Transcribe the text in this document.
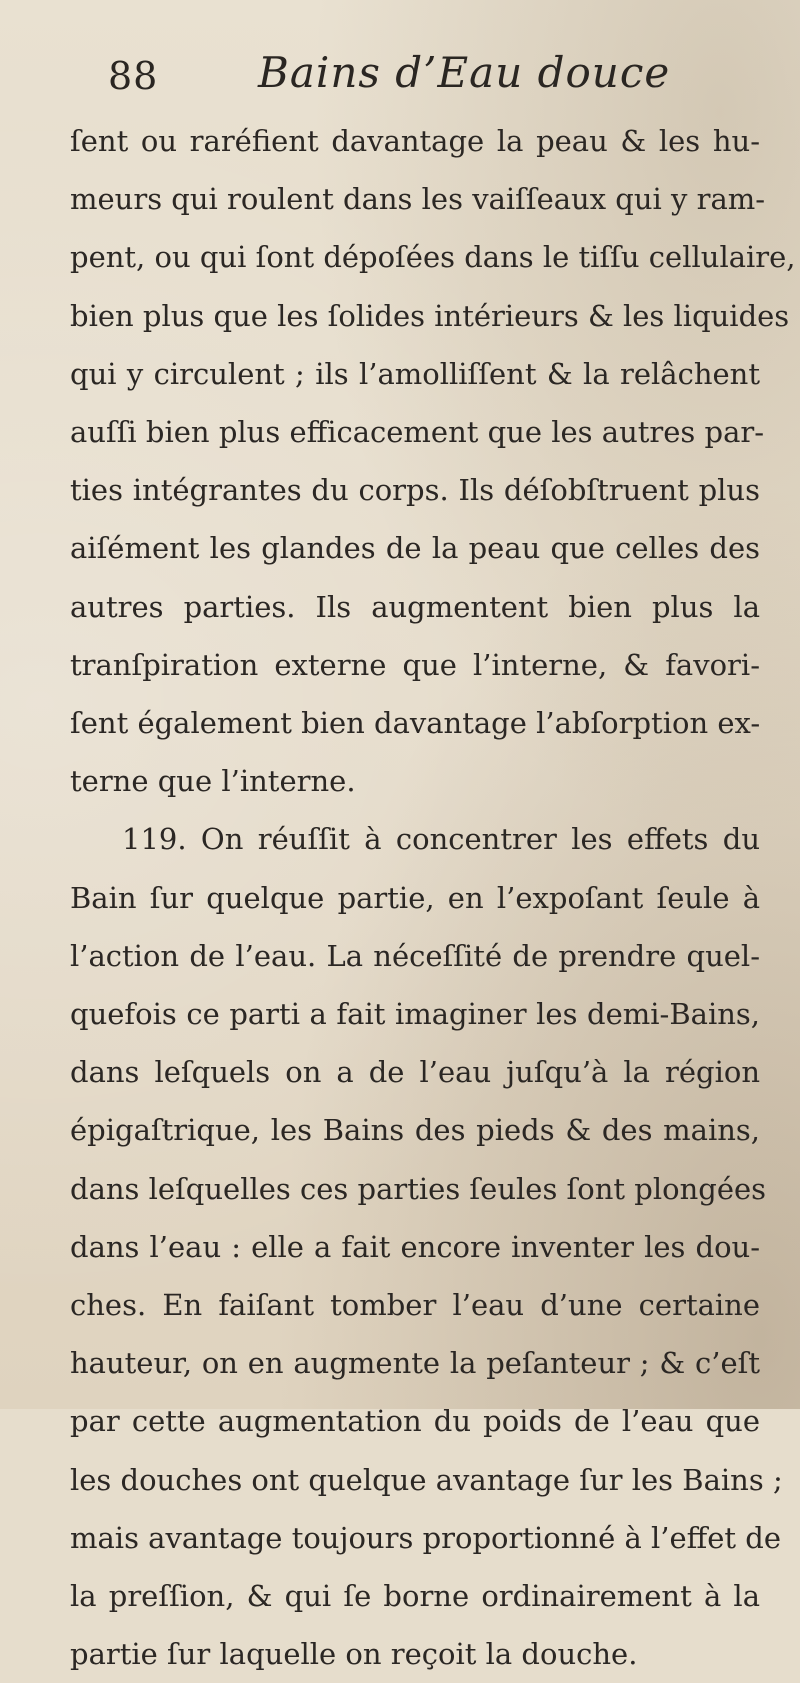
88 Bains d’Eau douce
ſent ou raréfient davantage la peau & les hu-
meurs qui roulent dans les vaiſſeaux qui y ram-
pent, ou qui ſont dépoſées dans le tiſſu cellulaire,
bien plus que les ſolides intérieurs & les liquides
qui y circulent ; ils l’amolliſſent & la relâchent
auſſi bien plus efficacement que les autres par-
ties intégrantes du corps. Ils déſobſtruent plus
aiſément les glandes de la peau que celles des
autres parties. Ils augmentent bien plus la
tranſpiration externe que l’interne, & favori-
ſent également bien davantage l’abſorption ex-
terne que l’interne.
119. On réuſſit à concentrer les effets du
Bain ſur quelque partie, en l’expoſant ſeule à
l’action de l’eau. La néceſſité de prendre quel-
quefois ce parti a fait imaginer les demi-Bains,
dans leſquels on a de l’eau juſqu’à la région
épigaſtrique, les Bains des pieds & des mains,
dans leſquelles ces parties ſeules ſont plongées
dans l’eau : elle a fait encore inventer les dou-
ches. En faiſant tomber l’eau d’une certaine
hauteur, on en augmente la peſanteur ; & c’eſt
par cette augmentation du poids de l’eau que
les douches ont quelque avantage ſur les Bains ;
mais avantage toujours proportionné à l’effet de
la preſſion, & qui ſe borne ordinairement à la
partie ſur laquelle on reçoit la douche.
